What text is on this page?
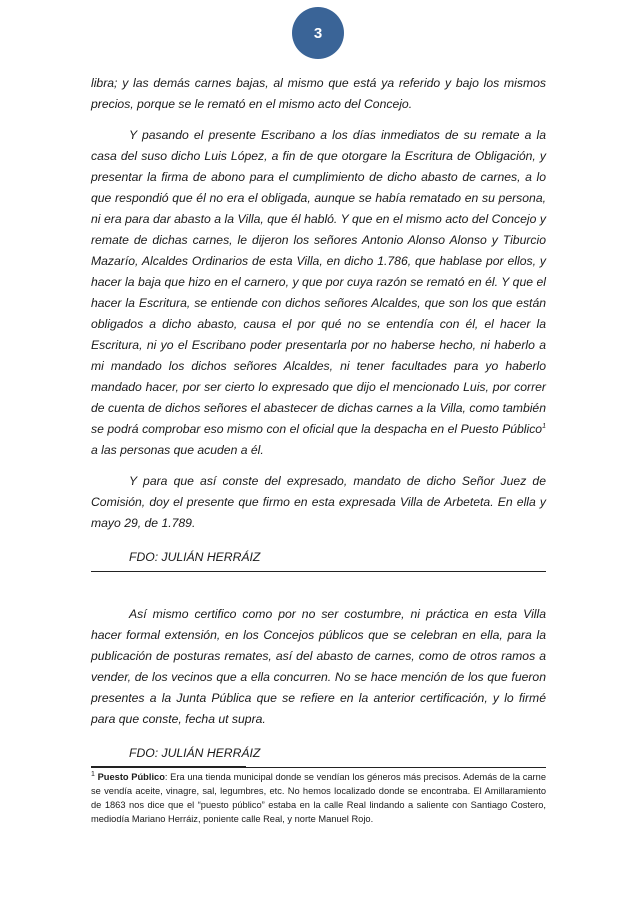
3

libra; y las demás carnes bajas, al mismo que está ya referido y bajo los mismos precios, porque se le remató en el mismo acto del Concejo.

Y pasando el presente Escribano a los días inmediatos de su remate a la casa del suso dicho Luis López, a fin de que otorgare la Escritura de Obligación, y presentar la firma de abono para el cumplimiento de dicho abasto de carnes, a lo que respondió que él no era el obligada, aunque se había rematado en su persona, ni era para dar abasto a la Villa, que él habló. Y que en el mismo acto del Concejo y remate de dichas carnes, le dijeron los señores Antonio Alonso Alonso y Tiburcio Mazarío, Alcaldes Ordinarios de esta Villa, en dicho 1.786, que hablase por ellos, y hacer la baja que hizo en el carnero, y que por cuya razón se remató en él. Y que el hacer la Escritura, se entiende con dichos señores Alcaldes, que son los que están obligados a dicho abasto, causa el por qué no se entendía con él, el hacer la Escritura, ni yo el Escribano poder presentarla por no haberse hecho, ni haberlo a mi mandado los dichos señores Alcaldes, ni tener facultades para yo haberlo mandado hacer, por ser cierto lo expresado que dijo el mencionado Luis, por correr de cuenta de dichos señores el abastecer de dichas carnes a la Villa, como también se podrá comprobar eso mismo con el oficial que la despacha en el Puesto Público$^1$ a las personas que acuden a él.

Y para que así conste del expresado, mandato de dicho Señor Juez de Comisión, doy el presente que firmo en esta expresada Villa de Arbeteta. En ella y mayo 29, de 1.789.

FDO: JULIÁN HERRÁIZ

Así mismo certifico como por no ser costumbre, ni práctica en esta Villa hacer formal extensión, en los Concejos públicos que se celebran en ella, para la publicación de posturas remates, así del abasto de carnes, como de otros ramos a vender, de los vecinos que a ella concurren. No se hace mención de los que fueron presentes a la Junta Pública que se refiere en la anterior certificación, y lo firmé para que conste, fecha ut supra.

FDO: JULIÁN HERRÁIZ

$^1$ Puesto Público: Era una tienda municipal donde se vendían los géneros más precisos. Además de la carne se vendía aceite, vinagre, sal, legumbres, etc. No hemos localizado donde se encontraba. El Amillaramiento de 1863 nos dice que el “puesto público” estaba en la calle Real lindando a saliente con Santiago Costero, mediodía Mariano Herráiz, poniente calle Real, y norte Manuel Rojo.
